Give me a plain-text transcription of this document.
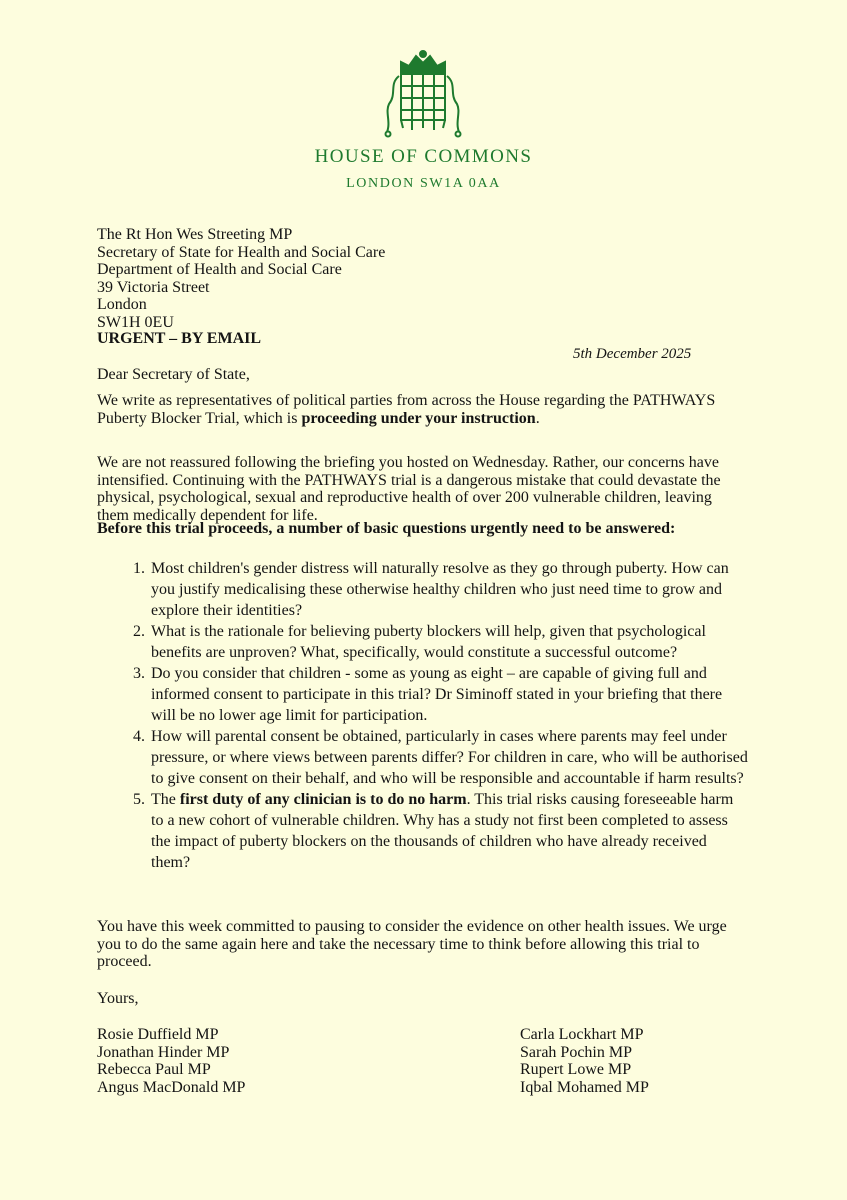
HOUSE OF COMMONS
LONDON SW1A 0AA
The Rt Hon Wes Streeting MP
Secretary of State for Health and Social Care
Department of Health and Social Care
39 Victoria Street
London
SW1H 0EU
URGENT – BY EMAIL
5th December 2025
Dear Secretary of State,
We write as representatives of political parties from across the House regarding the PATHWAYS Puberty Blocker Trial, which is proceeding under your instruction.
We are not reassured following the briefing you hosted on Wednesday. Rather, our concerns have intensified. Continuing with the PATHWAYS trial is a dangerous mistake that could devastate the physical, psychological, sexual and reproductive health of over 200 vulnerable children, leaving them medically dependent for life.
Before this trial proceeds, a number of basic questions urgently need to be answered:
1. Most children's gender distress will naturally resolve as they go through puberty. How can you justify medicalising these otherwise healthy children who just need time to grow and explore their identities?
2. What is the rationale for believing puberty blockers will help, given that psychological benefits are unproven? What, specifically, would constitute a successful outcome?
3. Do you consider that children - some as young as eight – are capable of giving full and informed consent to participate in this trial? Dr Siminoff stated in your briefing that there will be no lower age limit for participation.
4. How will parental consent be obtained, particularly in cases where parents may feel under pressure, or where views between parents differ? For children in care, who will be authorised to give consent on their behalf, and who will be responsible and accountable if harm results?
5. The first duty of any clinician is to do no harm. This trial risks causing foreseeable harm to a new cohort of vulnerable children. Why has a study not first been completed to assess the impact of puberty blockers on the thousands of children who have already received them?
You have this week committed to pausing to consider the evidence on other health issues. We urge you to do the same again here and take the necessary time to think before allowing this trial to proceed.
Yours,
Rosie Duffield MP
Jonathan Hinder MP
Rebecca Paul MP
Angus MacDonald MP
Carla Lockhart MP
Sarah Pochin MP
Rupert Lowe MP
Iqbal Mohamed MP
